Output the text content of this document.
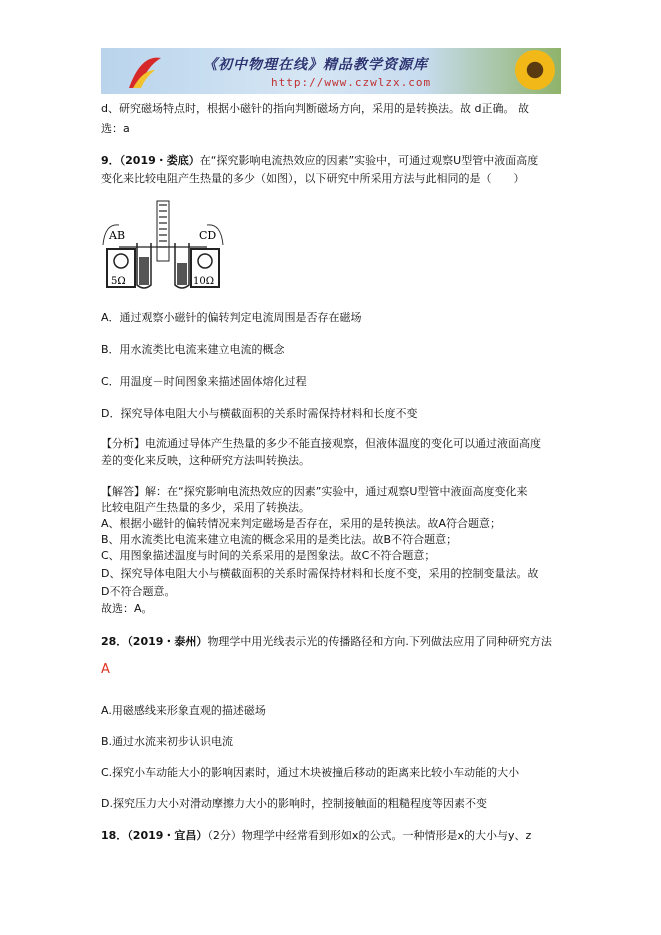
《初中物理在线》精品教学资源库
http://www.czwlzx.com
d、研究磁场特点时，根据小磁针的指向判断磁场方向，采用的是转换法。故 d正确。 故
选：a
9．（2019・娄底）在“探究影响电流热效应的因素”实验中，可通过观察U型管中液面高度
变化来比较电阻产生热量的多少（如图），以下研究中所采用方法与此相同的是（　　）
AB	CD
5Ω	10Ω
A．通过观察小磁针的偏转判定电流周围是否存在磁场
B．用水流类比电流来建立电流的概念
C．用温度－时间图象来描述固体熔化过程
D．探究导体电阻大小与横截面积的关系时需保持材料和长度不变
【分析】电流通过导体产生热量的多少不能直接观察，但液体温度的变化可以通过液面高度
差的变化来反映，这种研究方法叫转换法。
【解答】解：在“探究影响电流热效应的因素”实验中，通过观察U型管中液面高度变化来
比较电阻产生热量的多少，采用了转换法。
A、根据小磁针的偏转情况来判定磁场是否存在，采用的是转换法。故A符合题意；
B、用水流类比电流来建立电流的概念采用的是类比法。故B不符合题意；
C、用图象描述温度与时间的关系采用的是图象法。故C不符合题意；
D、探究导体电阻大小与横截面积的关系时需保持材料和长度不变，采用的控制变量法。故
D不符合题意。
故选：A。
28．（2019・泰州）物理学中用光线表示光的传播路径和方向.下列做法应用了同种研究方法
A
A.用磁感线来形象直观的描述磁场
B.通过水流来初步认识电流
C.探究小车动能大小的影响因素时，通过木块被撞后移动的距离来比较小车动能的大小
D.探究压力大小对滑动摩擦力大小的影响时，控制接触面的粗糙程度等因素不变
18．（2019・宜昌）（2分）物理学中经常看到形如x的公式。一种情形是x的大小与y、z
